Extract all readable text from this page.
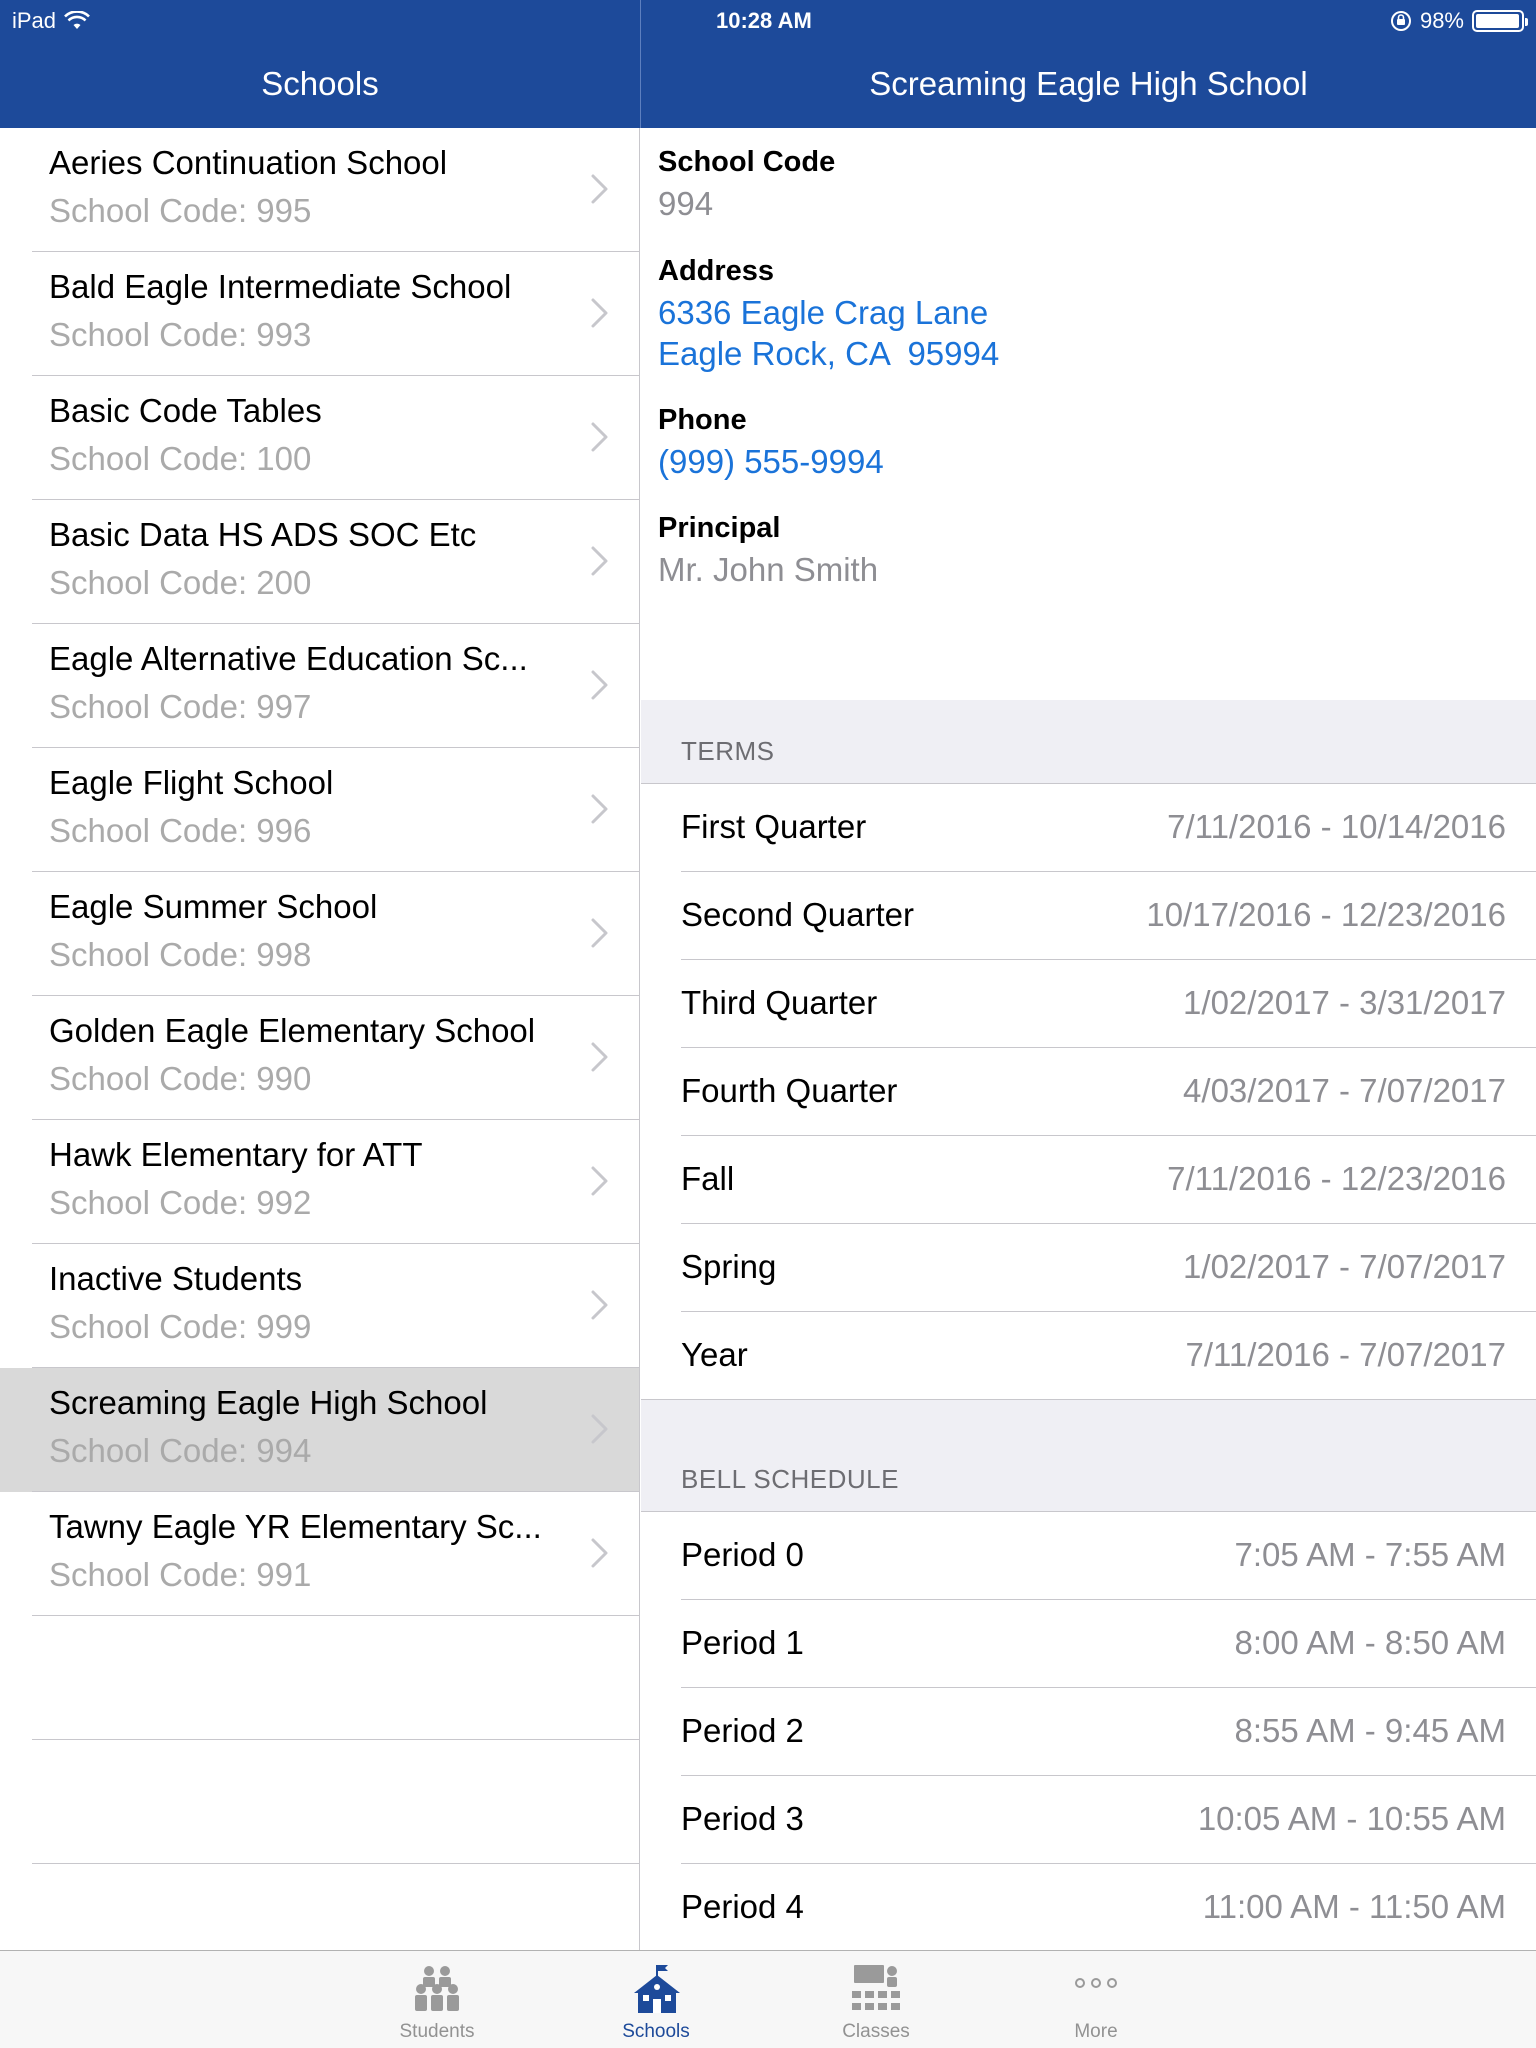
iPad	10:28 AM	98%
Schools	Screaming Eagle High School
Aeries Continuation School
School Code: 995
Bald Eagle Intermediate School
School Code: 993
Basic Code Tables
School Code: 100
Basic Data HS ADS SOC Etc
School Code: 200
Eagle Alternative Education Sc...
School Code: 997
Eagle Flight School
School Code: 996
Eagle Summer School
School Code: 998
Golden Eagle Elementary School
School Code: 990
Hawk Elementary for ATT
School Code: 992
Inactive Students
School Code: 999
Screaming Eagle High School
School Code: 994
Tawny Eagle YR Elementary Sc...
School Code: 991
School Code
994
Address
6336 Eagle Crag Lane
Eagle Rock, CA  95994
Phone
(999) 555-9994
Principal
Mr. John Smith
TERMS
First Quarter	7/11/2016 - 10/14/2016
Second Quarter	10/17/2016 - 12/23/2016
Third Quarter	1/02/2017 - 3/31/2017
Fourth Quarter	4/03/2017 - 7/07/2017
Fall	7/11/2016 - 12/23/2016
Spring	1/02/2017 - 7/07/2017
Year	7/11/2016 - 7/07/2017
BELL SCHEDULE
Period 0	7:05 AM - 7:55 AM
Period 1	8:00 AM - 8:50 AM
Period 2	8:55 AM - 9:45 AM
Period 3	10:05 AM - 10:55 AM
Period 4	11:00 AM - 11:50 AM
Students	Schools	Classes	More
